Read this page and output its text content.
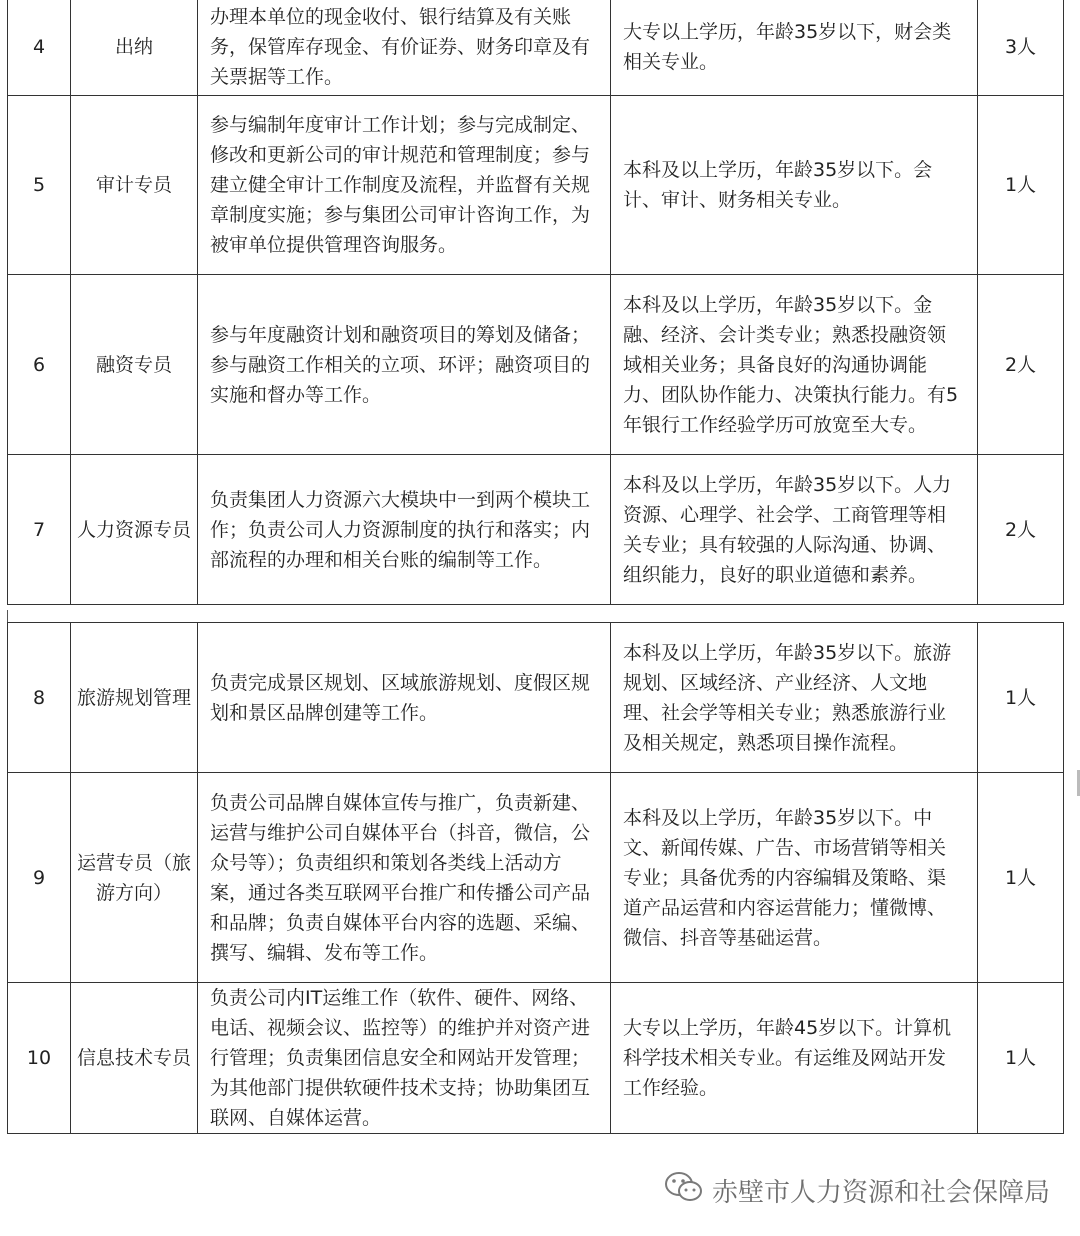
4	出纳	办理本单位的现金收付、银行结算及有关账务，保管库存现金、有价证券、财务印章及有关票据等工作。	大专以上学历，年龄35岁以下，财会类相关专业。	3人
5	审计专员	参与编制年度审计工作计划；参与完成制定、修改和更新公司的审计规范和管理制度；参与建立健全审计工作制度及流程，并监督有关规章制度实施；参与集团公司审计咨询工作，为被审单位提供管理咨询服务。	本科及以上学历，年龄35岁以下。会计、审计、财务相关专业。	1人
6	融资专员	参与年度融资计划和融资项目的筹划及储备；参与融资工作相关的立项、环评；融资项目的实施和督办等工作。	本科及以上学历，年龄35岁以下。金融、经济、会计类专业；熟悉投融资领域相关业务；具备良好的沟通协调能力、团队协作能力、决策执行能力。有5年银行工作经验学历可放宽至大专。	2人
7	人力资源专员	负责集团人力资源六大模块中一到两个模块工作；负责公司人力资源制度的执行和落实；内部流程的办理和相关台账的编制等工作。	本科及以上学历，年龄35岁以下。人力资源、心理学、社会学、工商管理等相关专业；具有较强的人际沟通、协调、组织能力，良好的职业道德和素养。	2人
8	旅游规划管理	负责完成景区规划、区域旅游规划、度假区规划和景区品牌创建等工作。	本科及以上学历，年龄35岁以下。旅游规划、区域经济、产业经济、人文地理、社会学等相关专业；熟悉旅游行业及相关规定，熟悉项目操作流程。	1人
9	运营专员（旅游方向）	负责公司品牌自媒体宣传与推广，负责新建、运营与维护公司自媒体平台（抖音，微信，公众号等）；负责组织和策划各类线上活动方案，通过各类互联网平台推广和传播公司产品和品牌；负责自媒体平台内容的选题、采编、撰写、编辑、发布等工作。	本科及以上学历，年龄35岁以下。中文、新闻传媒、广告、市场营销等相关专业；具备优秀的内容编辑及策略、渠道产品运营和内容运营能力；懂微博、微信、抖音等基础运营。	1人
10	信息技术专员	负责公司内IT运维工作（软件、硬件、网络、电话、视频会议、监控等）的维护并对资产进行管理；负责集团信息安全和网站开发管理；为其他部门提供软硬件技术支持；协助集团互联网、自媒体运营。	大专以上学历，年龄45岁以下。计算机科学技术相关专业。有运维及网站开发工作经验。	1人
赤壁市人力资源和社会保障局
